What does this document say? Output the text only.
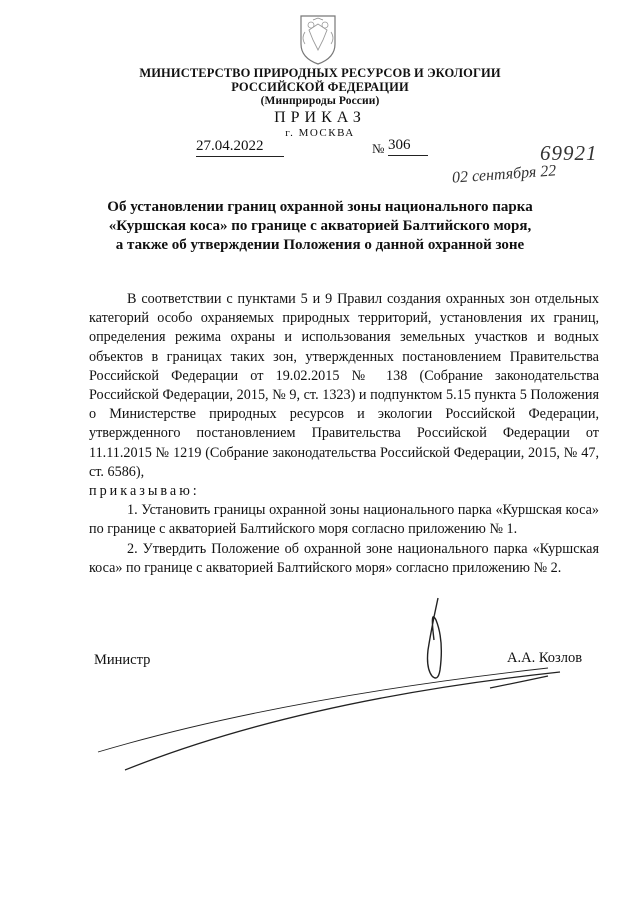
МИНИСТЕРСТВО ПРИРОДНЫХ РЕСУРСОВ И ЭКОЛОГИИ
РОССИЙСКОЙ ФЕДЕРАЦИИ
(Минприроды России)
ПРИКАЗ
г. МОСКВА
27.04.2022	№ 306	69921
02 сентября 22
Об установлении границ охранной зоны национального парка
«Куршская коса» по границе с акваторией Балтийского моря,
а также об утверждении Положения о данной охранной зоне

В соответствии с пунктами 5 и 9 Правил создания охранных зон отдельных категорий особо охраняемых природных территорий, установления их границ, определения режима охраны и использования земельных участков и водных объектов в границах таких зон, утвержденных постановлением Правительства Российской Федерации от 19.02.2015 № 138 (Собрание законодательства Российской Федерации, 2015, № 9, ст. 1323) и подпунктом 5.15 пункта 5 Положения о Министерстве природных ресурсов и экологии Российской Федерации, утвержденного постановлением Правительства Российской Федерации от 11.11.2015 № 1219 (Собрание законодательства Российской Федерации, 2015, № 47, ст. 6586),

приказываю:

1. Установить границы охранной зоны национального парка «Куршская коса» по границе с акваторией Балтийского моря согласно приложению № 1.

2. Утвердить Положение об охранной зоне национального парка «Куршская коса» по границе с акваторией Балтийского моря» согласно приложению № 2.

Министр	А.А. Козлов
